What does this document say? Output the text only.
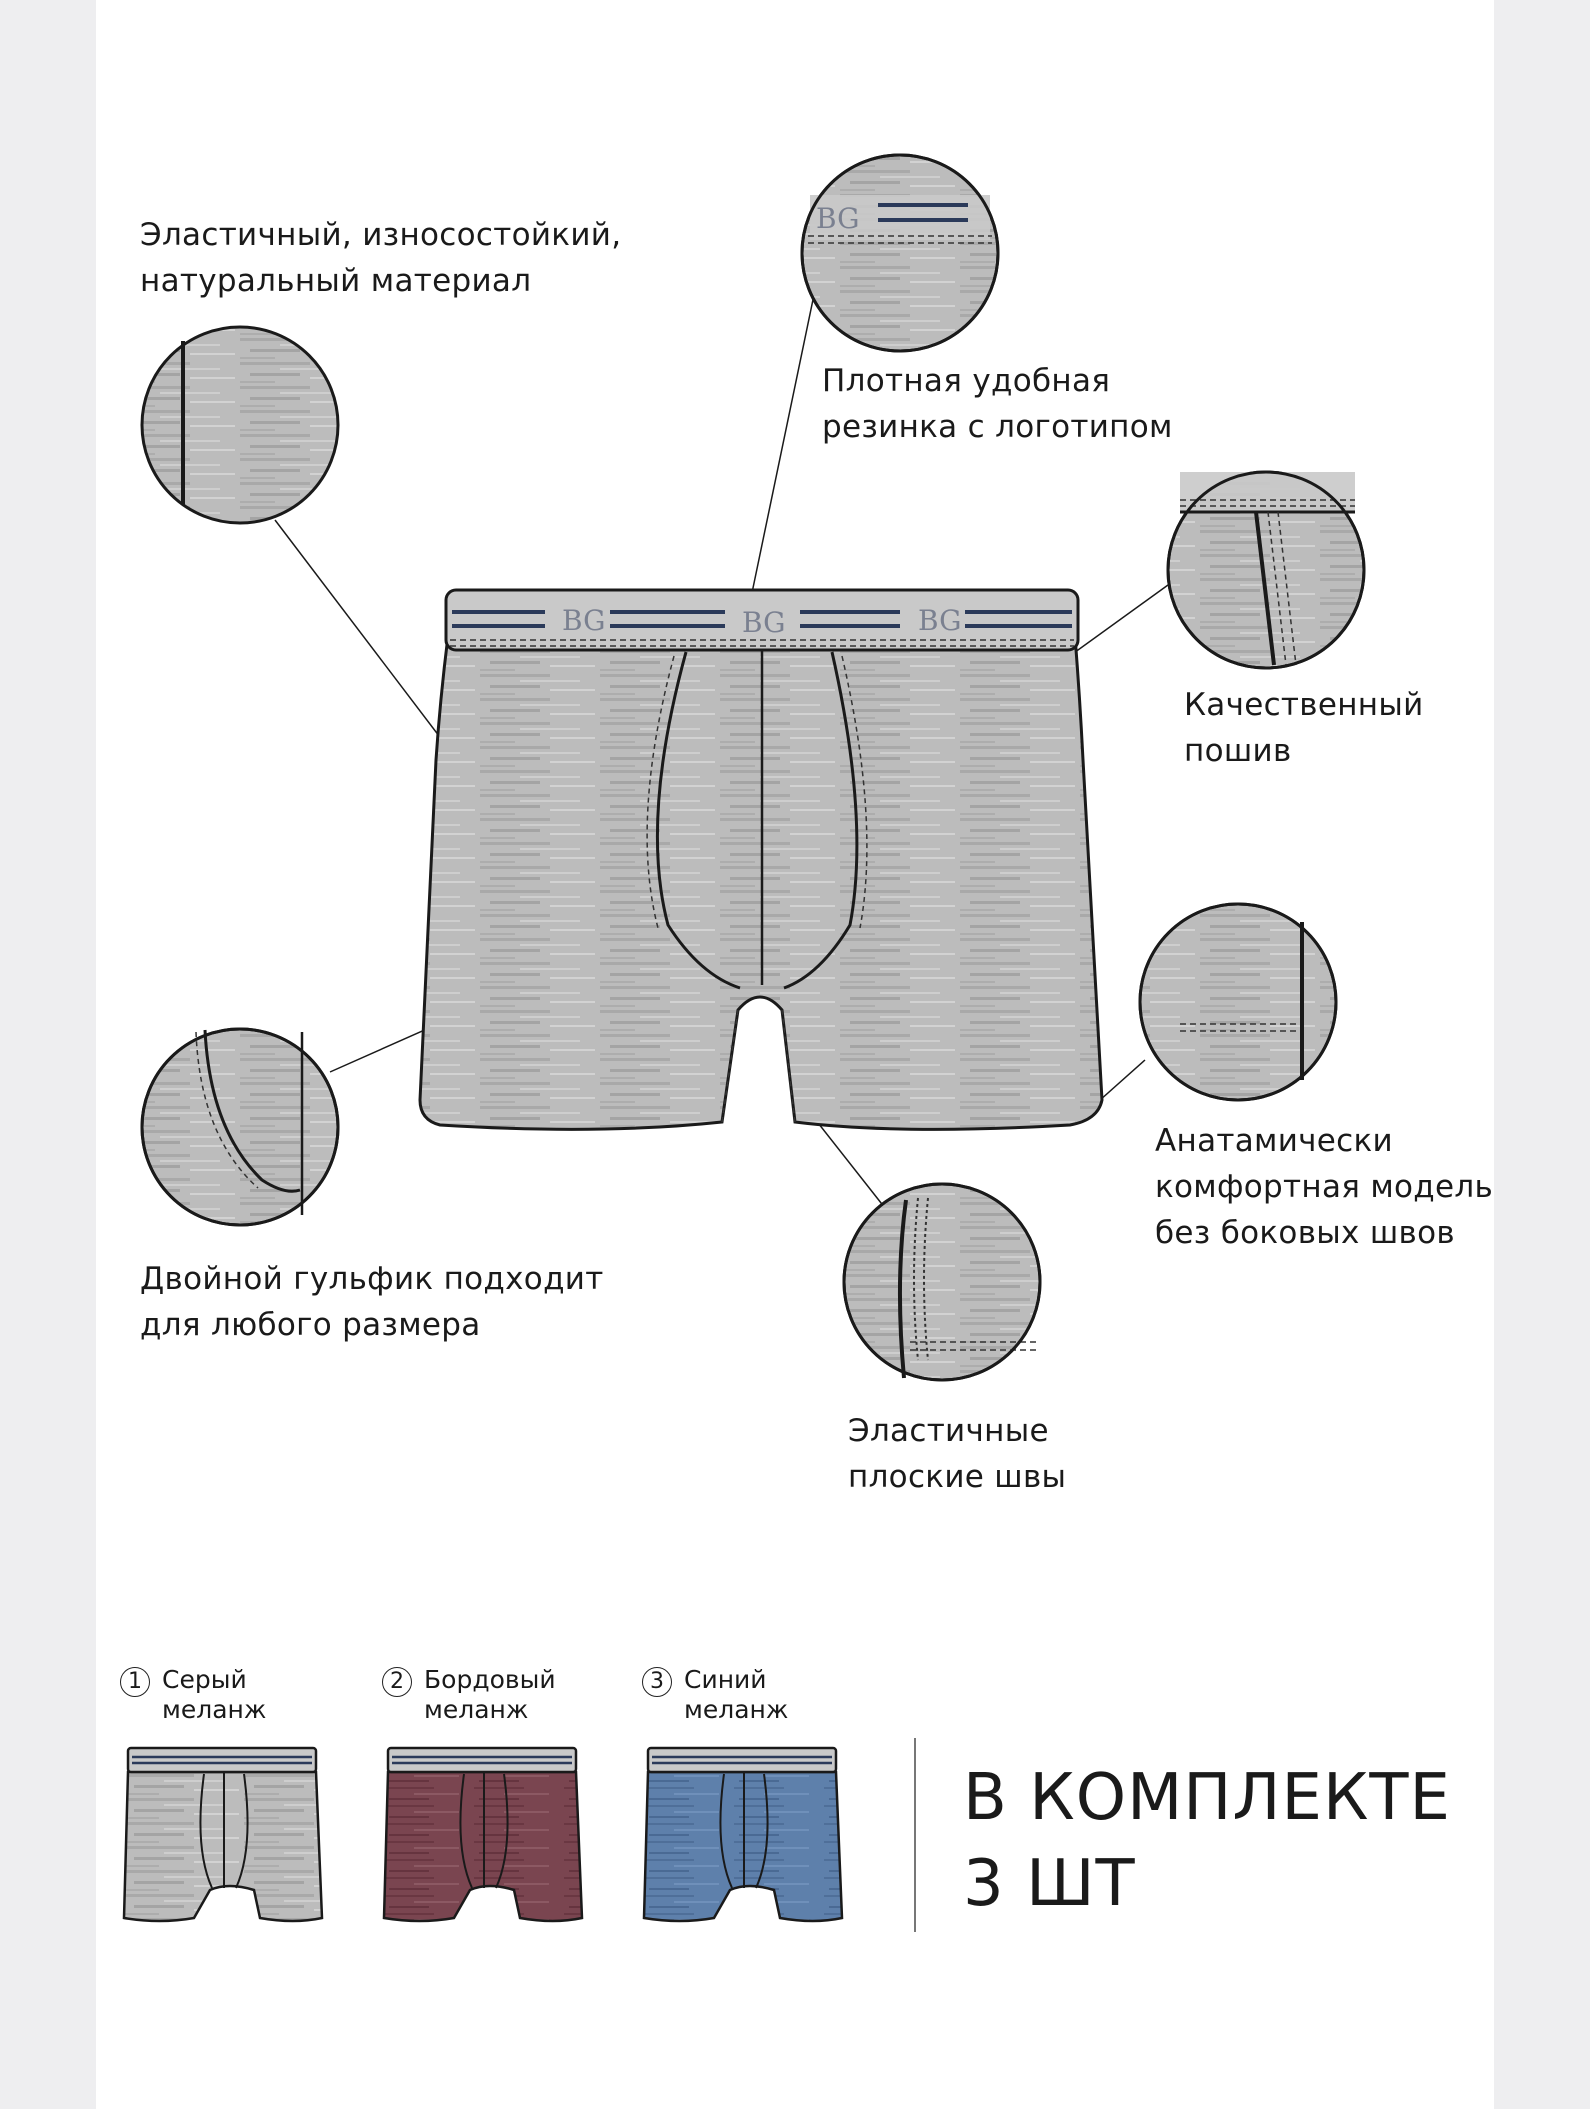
BG	BG	BG
BG
Эластичный, износостойкий,
натуральный материал
Плотная удобная
резинка с логотипом
Качественный
пошив
Анатамически
комфортная модель
без боковых швов
Двойной гульфик подходит
для любого размера
Эластичные
плоские швы
1 Серый
меланж
2 Бордовый
меланж
3 Синий
меланж
В КОМПЛЕКТЕ
3 ШТ
